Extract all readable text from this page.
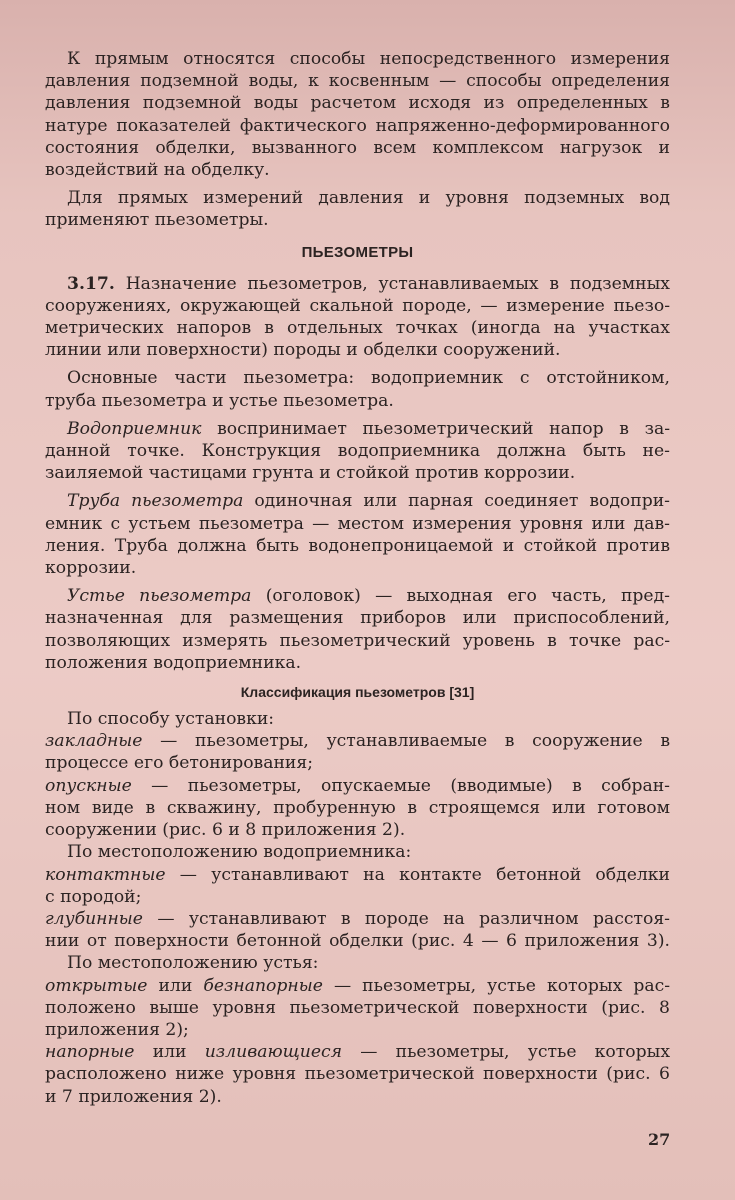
К прямым относятся способы непосредственного измерения
давления подземной воды, к косвенным — способы определения
давления подземной воды расчетом исходя из определенных в
натуре показателей фактического напряженно-деформированного
состояния обделки, вызванного всем комплексом нагрузок и
воздействий на обделку.

Для прямых измерений давления и уровня подземных вод
применяют пьезометры.

ПЬЕЗОМЕТРЫ

3.17. Назначение пьезометров, устанавливаемых в подземных
сооружениях, окружающей скальной породе, — измерение пьезо-
метрических напоров в отдельных точках (иногда на участках
линии или поверхности) породы и обделки сооружений.

Основные части пьезометра: водоприемник с отстойником,
труба пьезометра и устье пьезометра.

Водоприемник воспринимает пьезометрический напор в за-
данной точке. Конструкция водоприемника должна быть не-
заиляемой частицами грунта и стойкой против коррозии.

Труба пьезометра одиночная или парная соединяет водопри-
емник с устьем пьезометра — местом измерения уровня или дав-
ления. Труба должна быть водонепроницаемой и стойкой против
коррозии.

Устье пьезометра (оголовок) — выходная его часть, пред-
назначенная для размещения приборов или приспособлений,
позволяющих измерять пьезометрический уровень в точке рас-
положения водоприемника.

Классификация пьезометров [31]

По способу установки:
закладные — пьезометры, устанавливаемые в сооружение в
процессе его бетонирования;
опускные — пьезометры, опускаемые (вводимые) в собран-
ном виде в скважину, пробуренную в строящемся или готовом
сооружении (рис. 6 и 8 приложения 2).
По местоположению водоприемника:
контактные — устанавливают на контакте бетонной обделки
с породой;
глубинные — устанавливают в породе на различном расстоя-
нии от поверхности бетонной обделки (рис. 4 — 6 приложения 3).
По местоположению устья:
открытые или безнапорные — пьезометры, устье которых рас-
положено выше уровня пьезометрической поверхности (рис. 8
приложения 2);
напорные или изливающиеся — пьезометры, устье которых
расположено ниже уровня пьезометрической поверхности (рис. 6
и 7 приложения 2).

27
